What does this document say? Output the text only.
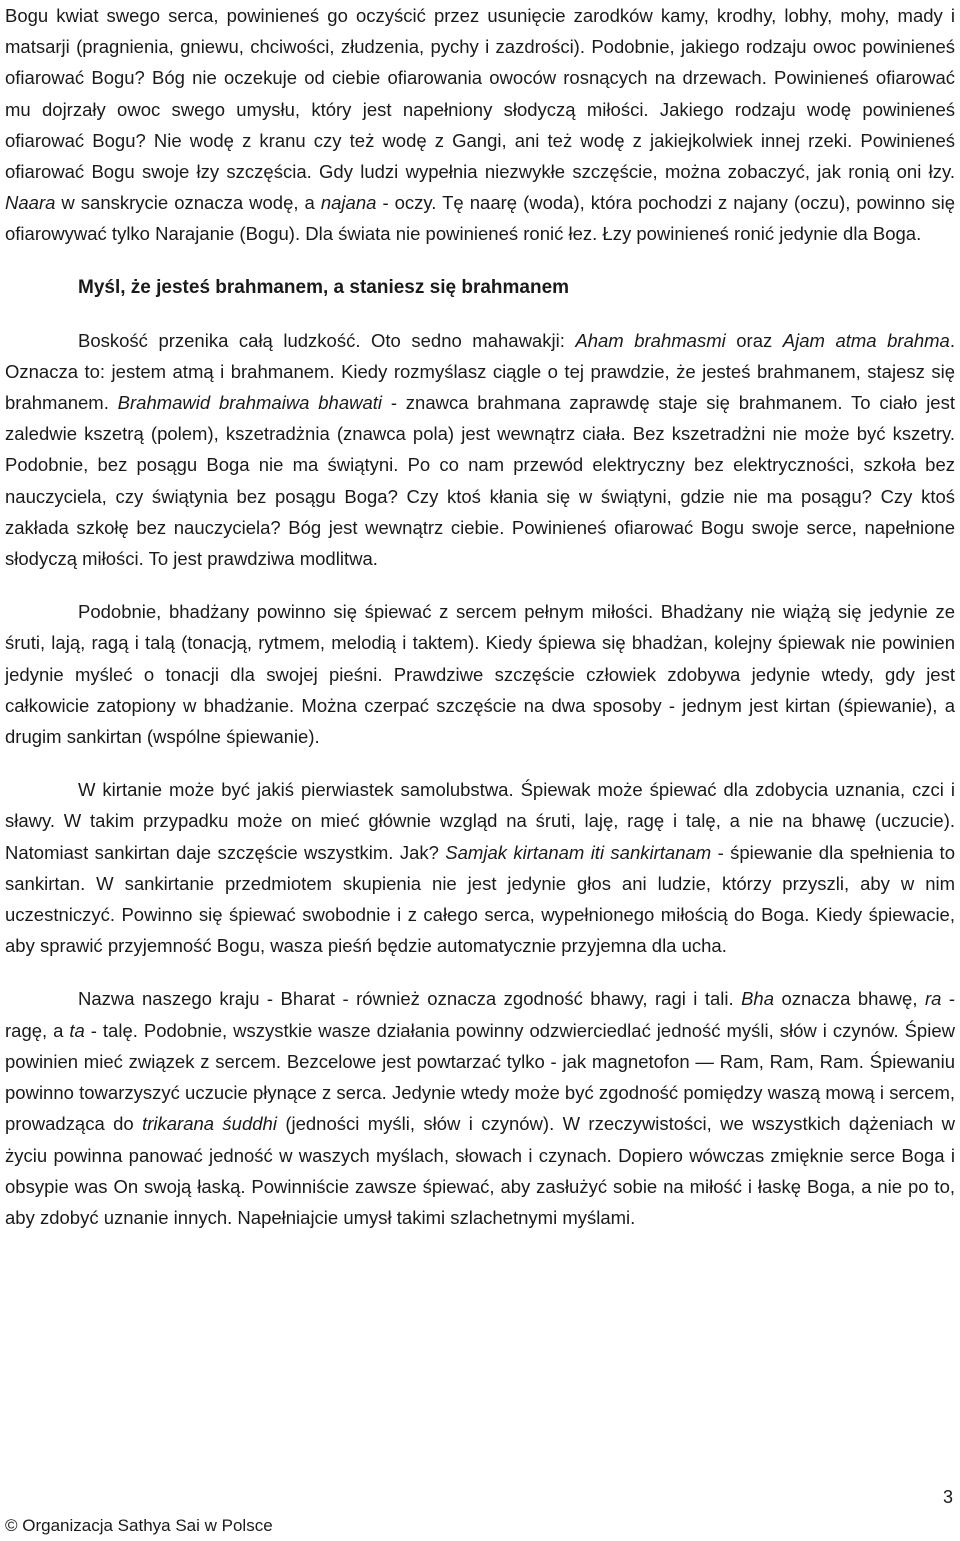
Bogu kwiat swego serca, powinieneś go oczyścić przez usunięcie zarodków kamy, krodhy, lobhy, mohy, mady i matsarji (pragnienia, gniewu, chciwości, złudzenia, pychy i zazdrości). Podobnie, jakiego rodzaju owoc powinieneś ofiarować Bogu? Bóg nie oczekuje od ciebie ofiarowania owoców rosnących na drzewach. Powinieneś ofiarować mu dojrzały owoc swego umysłu, który jest napełniony słodyczą miłości. Jakiego rodzaju wodę powinieneś ofiarować Bogu? Nie wodę z kranu czy też wodę z Gangi, ani też wodę z jakiejkolwiek innej rzeki. Powinieneś ofiarować Bogu swoje łzy szczęścia. Gdy ludzi wypełnia niezwykłe szczęście, można zobaczyć, jak ronią oni łzy. Naara w sanskrycie oznacza wodę, a najana - oczy. Tę naarę (woda), która pochodzi z najany (oczu), powinno się ofiarowywać tylko Narajanie (Bogu). Dla świata nie powinieneś ronić łez. Łzy powinieneś ronić jedynie dla Boga.

Myśl, że jesteś brahmanem, a staniesz się brahmanem

Boskość przenika całą ludzkość. Oto sedno mahawakji: Aham brahmasmi oraz Ajam atma brahma. Oznacza to: jestem atmą i brahmanem. Kiedy rozmyślasz ciągle o tej prawdzie, że jesteś brahmanem, stajesz się brahmanem. Brahmawid brahmaiwa bhawati - znawca brahmana zaprawdę staje się brahmanem. To ciało jest zaledwie kszetrą (polem), kszetradżnia (znawca pola) jest wewnątrz ciała. Bez kszetradżni nie może być kszetry. Podobnie, bez posągu Boga nie ma świątyni. Po co nam przewód elektryczny bez elektryczności, szkoła bez nauczyciela, czy świątynia bez posągu Boga? Czy ktoś kłania się w świątyni, gdzie nie ma posągu? Czy ktoś zakłada szkołę bez nauczyciela? Bóg jest wewnątrz ciebie. Powinieneś ofiarować Bogu swoje serce, napełnione słodyczą miłości. To jest prawdziwa modlitwa.

Podobnie, bhadżany powinno się śpiewać z sercem pełnym miłości. Bhadżany nie wiążą się jedynie ze śruti, lają, ragą i talą (tonacją, rytmem, melodią i taktem). Kiedy śpiewa się bhadżan, kolejny śpiewak nie powinien jedynie myśleć o tonacji dla swojej pieśni. Prawdziwe szczęście człowiek zdobywa jedynie wtedy, gdy jest całkowicie zatopiony w bhadżanie. Można czerpać szczęście na dwa sposoby - jednym jest kirtan (śpiewanie), a drugim sankirtan (wspólne śpiewanie).

W kirtanie może być jakiś pierwiastek samolubstwa. Śpiewak może śpiewać dla zdobycia uznania, czci i sławy. W takim przypadku może on mieć głównie wzgląd na śruti, laję, ragę i talę, a nie na bhawę (uczucie). Natomiast sankirtan daje szczęście wszystkim. Jak? Samjak kirtanam iti sankirtanam - śpiewanie dla spełnienia to sankirtan. W sankirtanie przedmiotem skupienia nie jest jedynie głos ani ludzie, którzy przyszli, aby w nim uczestniczyć. Powinno się śpiewać swobodnie i z całego serca, wypełnionego miłością do Boga. Kiedy śpiewacie, aby sprawić przyjemność Bogu, wasza pieśń będzie automatycznie przyjemna dla ucha.

Nazwa naszego kraju - Bharat - również oznacza zgodność bhawy, ragi i tali. Bha oznacza bhawę, ra - ragę, a ta - talę. Podobnie, wszystkie wasze działania powinny odzwierciedlać jedność myśli, słów i czynów. Śpiew powinien mieć związek z sercem. Bezcelowe jest powtarzać tylko - jak magnetofon — Ram, Ram, Ram. Śpiewaniu powinno towarzyszyć uczucie płynące z serca. Jedynie wtedy może być zgodność pomiędzy waszą mową i sercem, prowadząca do trikarana śuddhi (jedności myśli, słów i czynów). W rzeczywistości, we wszystkich dążeniach w życiu powinna panować jedność w waszych myślach, słowach i czynach. Dopiero wówczas zmięknie serce Boga i obsypie was On swoją łaską. Powinniście zawsze śpiewać, aby zasłużyć sobie na miłość i łaskę Boga, a nie po to, aby zdobyć uznanie innych. Napełniajcie umysł takimi szlachetnymi myślami.

3
© Organizacja Sathya Sai w Polsce
